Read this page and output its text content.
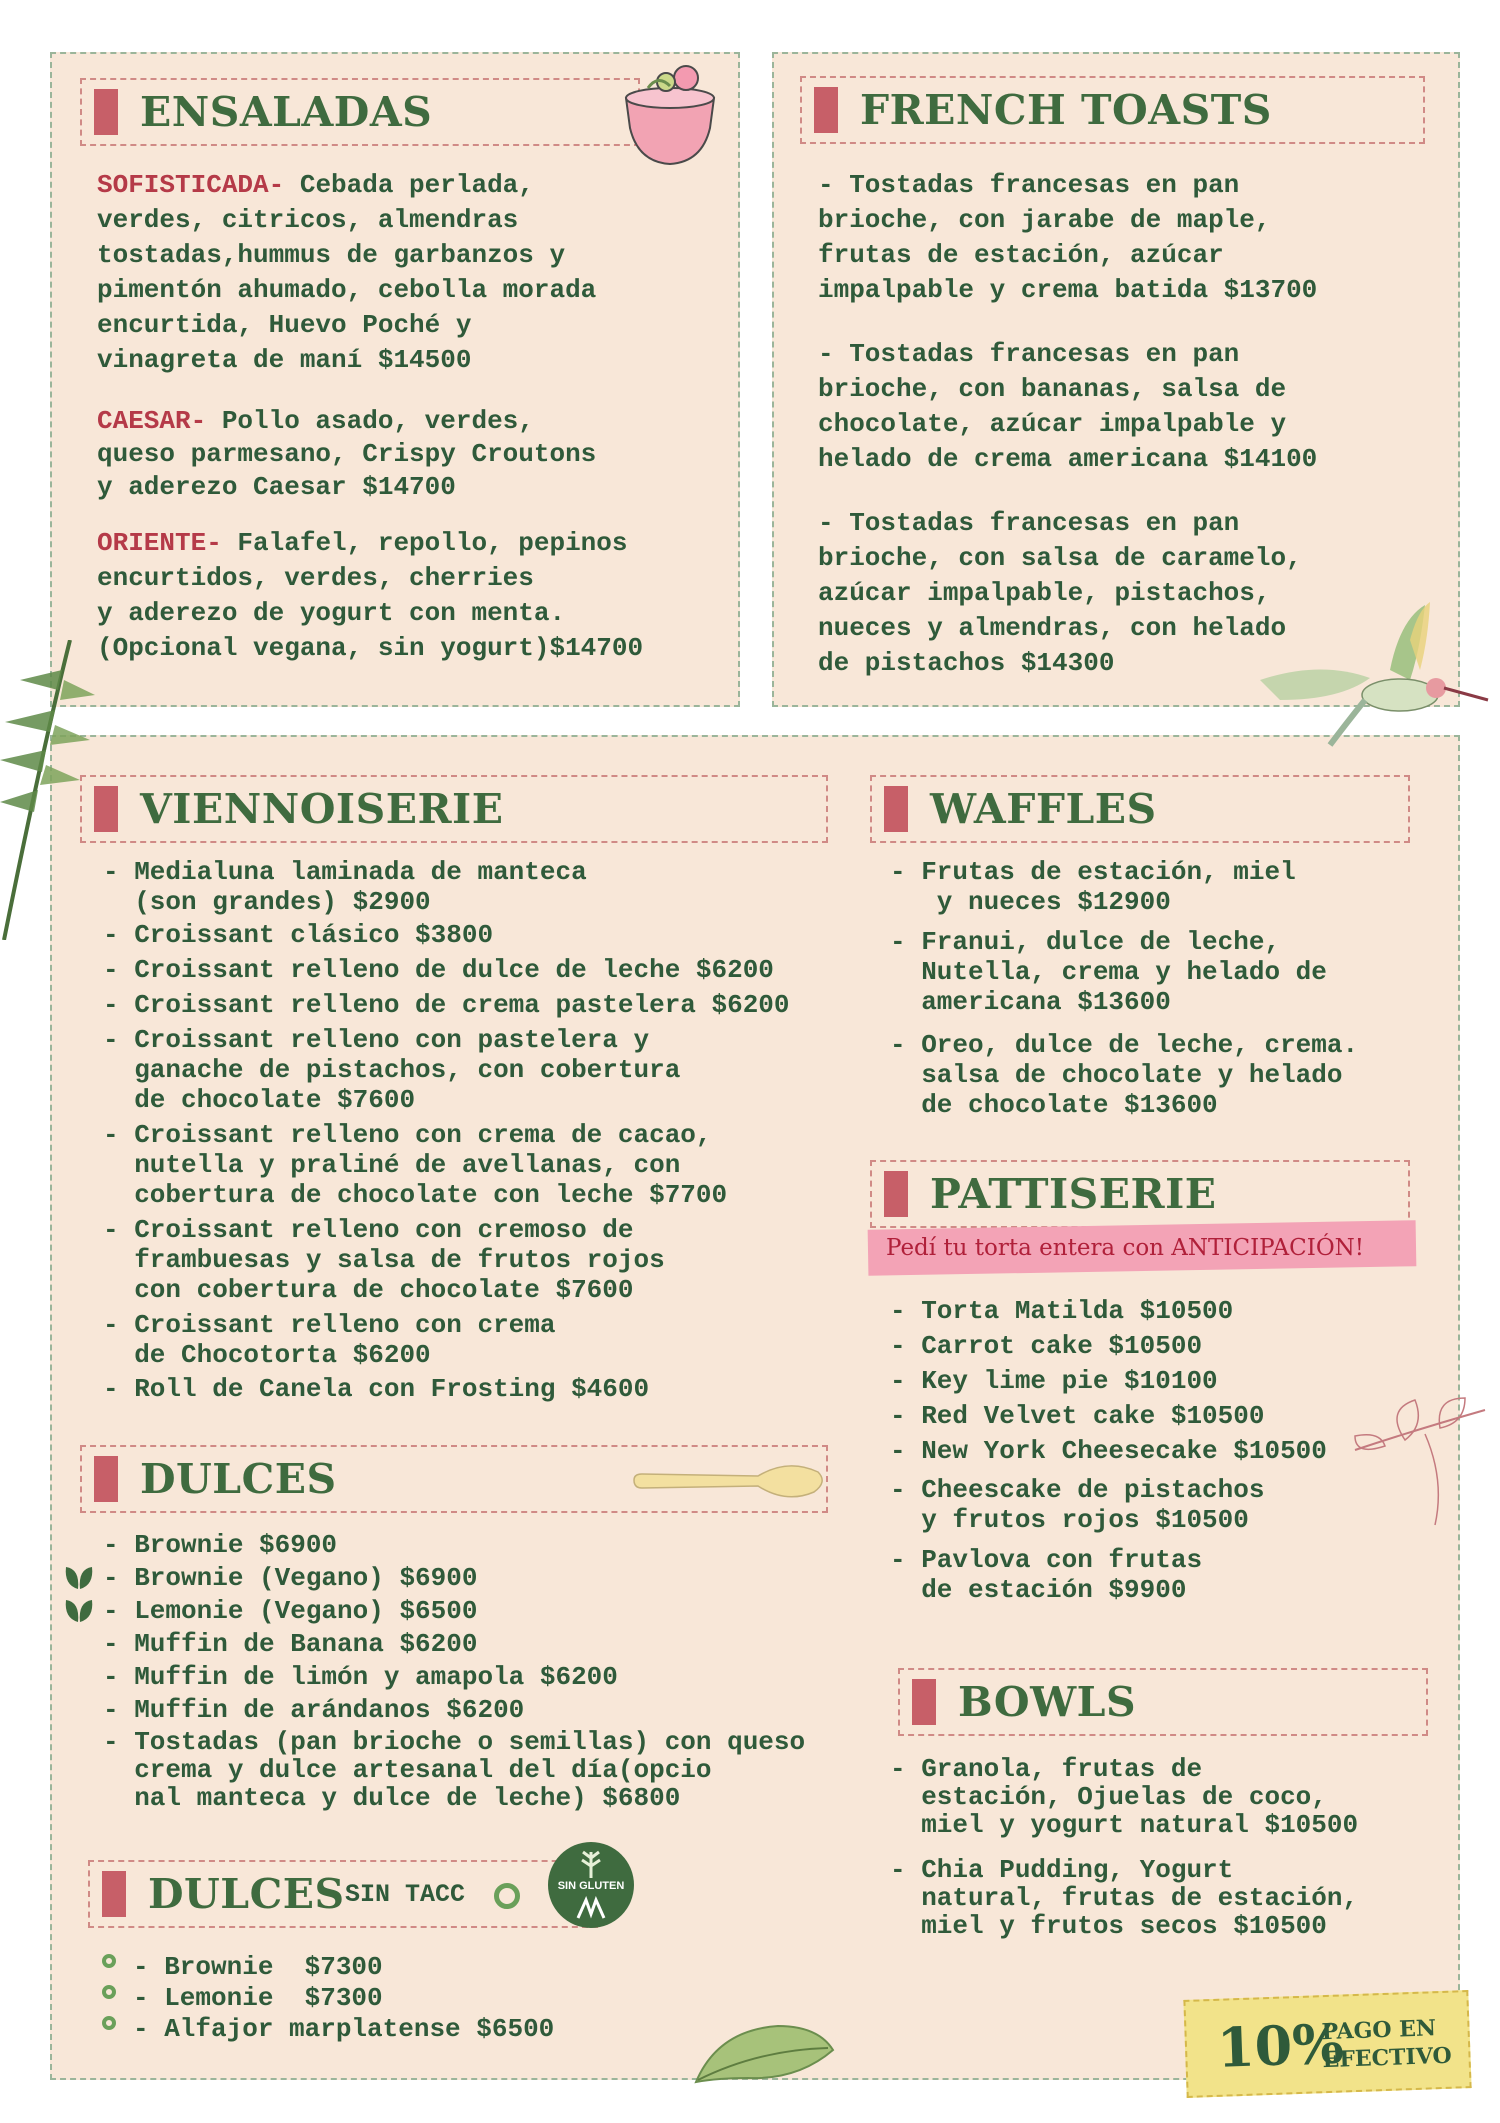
ENSALADAS
SOFISTICADA- Cebada perlada,
verdes, citricos, almendras
tostadas,hummus de garbanzos y
pimentón ahumado, cebolla morada
encurtida, Huevo Poché y
vinagreta de maní $14500
CAESAR- Pollo asado, verdes,
queso parmesano, Crispy Croutons
y aderezo Caesar $14700
ORIENTE- Falafel, repollo, pepinos
encurtidos, verdes, cherries
y aderezo de yogurt con menta.
(Opcional vegana, sin yogurt)$14700
FRENCH TOASTS
- Tostadas francesas en pan
brioche, con jarabe de maple,
frutas de estación, azúcar
impalpable y crema batida $13700
- Tostadas francesas en pan
brioche, con bananas, salsa de
chocolate, azúcar impalpable y
helado de crema americana $14100
- Tostadas francesas en pan
brioche, con salsa de caramelo,
azúcar impalpable, pistachos,
nueces y almendras, con helado
de pistachos $14300
VIENNOISERIE
- Medialuna laminada de manteca
(son grandes) $2900
- Croissant clásico $3800
- Croissant relleno de dulce de leche $6200
- Croissant relleno de crema pastelera $6200
- Croissant relleno con pastelera y
ganache de pistachos, con cobertura
de chocolate $7600
- Croissant relleno con crema de cacao,
nutella y praliné de avellanas, con
cobertura de chocolate con leche $7700
- Croissant relleno con cremoso de
frambuesas y salsa de frutos rojos
con cobertura de chocolate $7600
- Croissant relleno con crema
de Chocotorta $6200
- Roll de Canela con Frosting $4600
WAFFLES
- Frutas de estación, miel
y nueces $12900
- Franui, dulce de leche,
Nutella, crema y helado de
americana $13600
- Oreo, dulce de leche, crema.
salsa de chocolate y helado
de chocolate $13600
PATTISERIE
Pedí tu torta entera con ANTICIPACIÓN!
- Torta Matilda $10500
- Carrot cake $10500
- Key lime pie $10100
- Red Velvet cake $10500
- New York Cheesecake $10500
- Cheescake de pistachos
y frutos rojos $10500
- Pavlova con frutas
de estación $9900
DULCES
- Brownie $6900
- Brownie (Vegano) $6900
- Lemonie (Vegano) $6500
- Muffin de Banana $6200
- Muffin de limón y amapola $6200
- Muffin de arándanos $6200
- Tostadas (pan brioche o semillas) con queso
crema y dulce artesanal del día(opcio
nal manteca y dulce de leche) $6800
BOWLS
- Granola, frutas de
estación, Ojuelas de coco,
miel y yogurt natural $10500
- Chia Pudding, Yogurt
natural, frutas de estación,
miel y frutos secos $10500
DULCES SIN TACC	SIN GLUTEN
- Brownie  $7300
- Lemonie  $7300
- Alfajor marplatense $6500	10%
PAGO EN
EFECTIVO
